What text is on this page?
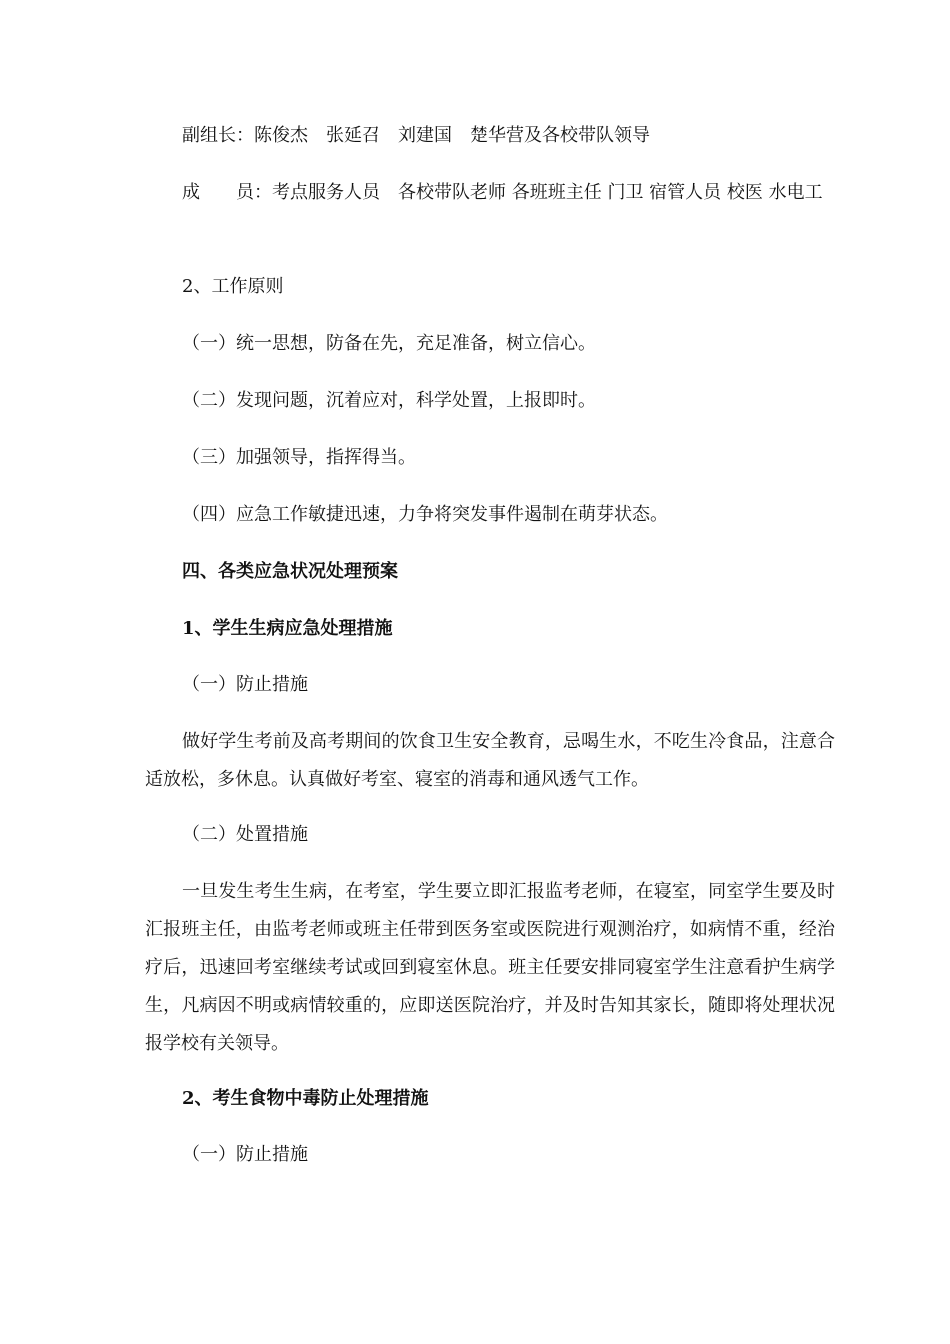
副组长：陈俊杰　张延召　刘建国　楚华营及各校带队领导

成　　员：考点服务人员　各校带队老师 各班班主任 门卫 宿管人员 校医 水电工

2、工作原则

（一）统一思想，防备在先，充足准备，树立信心。

（二）发现问题，沉着应对，科学处置，上报即时。

（三）加强领导，指挥得当。

（四）应急工作敏捷迅速，力争将突发事件遏制在萌芽状态。

四、各类应急状况处理预案

1、学生生病应急处理措施

（一）防止措施

做好学生考前及高考期间的饮食卫生安全教育，忌喝生水，不吃生冷食品，注意合适放松，多休息。认真做好考室、寝室的消毒和通风透气工作。

（二）处置措施

一旦发生考生生病，在考室，学生要立即汇报监考老师，在寝室，同室学生要及时汇报班主任，由监考老师或班主任带到医务室或医院进行观测治疗，如病情不重，经治疗后，迅速回考室继续考试或回到寝室休息。班主任要安排同寝室学生注意看护生病学生，凡病因不明或病情较重的，应即送医院治疗，并及时告知其家长，随即将处理状况报学校有关领导。

2、考生食物中毒防止处理措施

（一）防止措施
